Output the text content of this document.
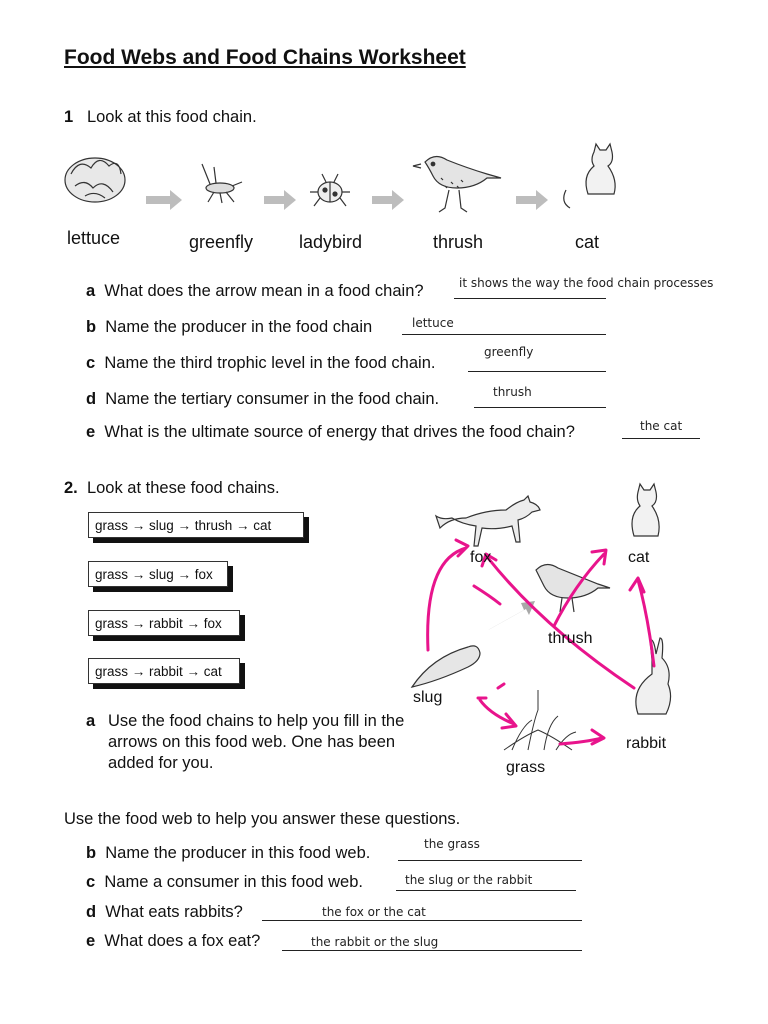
Food Webs and Food Chains Worksheet
1 Look at this food chain.
lettuce	greenfly	ladybird	thrush	cat
a What does the arrow mean in a food chain?	it shows the way the food chain processes
b Name the producer in the food chain	lettuce
c Name the third trophic level in the food chain.
greenfly
d Name the tertiary consumer in the food chain.	thrush
e What is the ultimate source of energy that drives the food chain?	the cat
2. Look at these food chains.
grass → slug → thrush → cat
grass → slug → fox
grass → rabbit → fox
grass → rabbit → cat
fox	cat
thrush
slug
rabbit
grass
a Use the food chains to help you fill in the
arrows on this food web. One has been
added for you.
Use the food web to help you answer these questions.
b Name the producer in this food web.	the grass
c Name a consumer in this food web.	the slug or the rabbit
d What eats rabbits?	the fox or the cat
e What does a fox eat?	the rabbit or the slug
